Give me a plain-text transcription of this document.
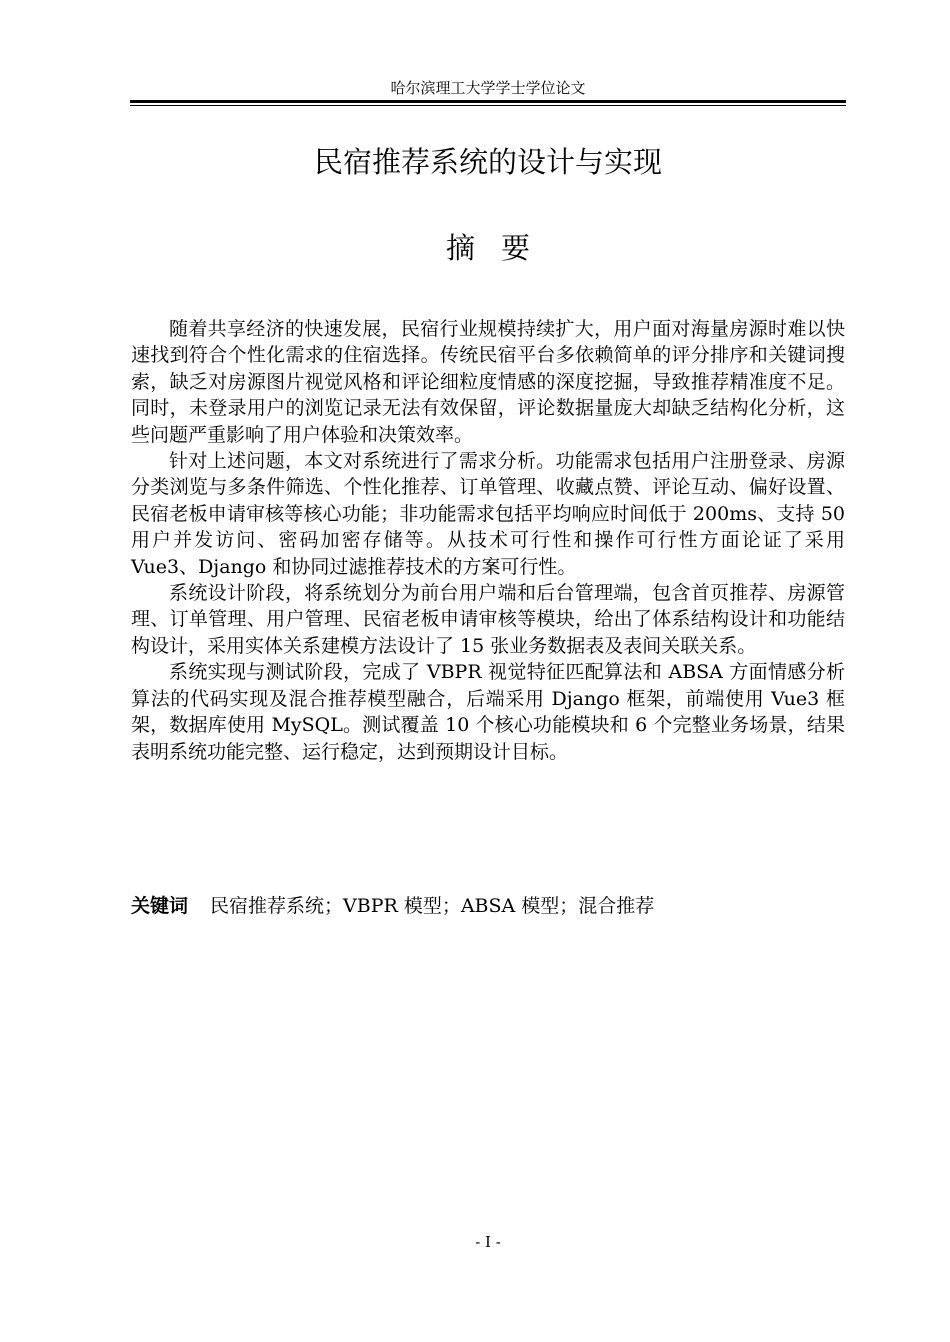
哈尔滨理工大学学士学位论文
民宿推荐系统的设计与实现
摘要

随着共享经济的快速发展，民宿行业规模持续扩大，用户面对海量房源时难以快速找到符合个性化需求的住宿选择。传统民宿平台多依赖简单的评分排序和关键词搜索，缺乏对房源图片视觉风格和评论细粒度情感的深度挖掘，导致推荐精准度不足。同时，未登录用户的浏览记录无法有效保留，评论数据量庞大却缺乏结构化分析，这些问题严重影响了用户体验和决策效率。

针对上述问题，本文对系统进行了需求分析。功能需求包括用户注册登录、房源分类浏览与多条件筛选、个性化推荐、订单管理、收藏点赞、评论互动、偏好设置、民宿老板申请审核等核心功能；非功能需求包括平均响应时间低于 200ms、支持 50 用户并发访问、密码加密存储等。从技术可行性和操作可行性方面论证了采用 Vue3、Django 和协同过滤推荐技术的方案可行性。

系统设计阶段，将系统划分为前台用户端和后台管理端，包含首页推荐、房源管理、订单管理、用户管理、民宿老板申请审核等模块，给出了体系结构设计和功能结构设计，采用实体关系建模方法设计了 15 张业务数据表及表间关联关系。

系统实现与测试阶段，完成了 VBPR 视觉特征匹配算法和 ABSA 方面情感分析算法的代码实现及混合推荐模型融合，后端采用 Django 框架，前端使用 Vue3 框架，数据库使用 MySQL。测试覆盖 10 个核心功能模块和 6 个完整业务场景，结果表明系统功能完整、运行稳定，达到预期设计目标。

关键词 民宿推荐系统；VBPR 模型；ABSA 模型；混合推荐
- I -
